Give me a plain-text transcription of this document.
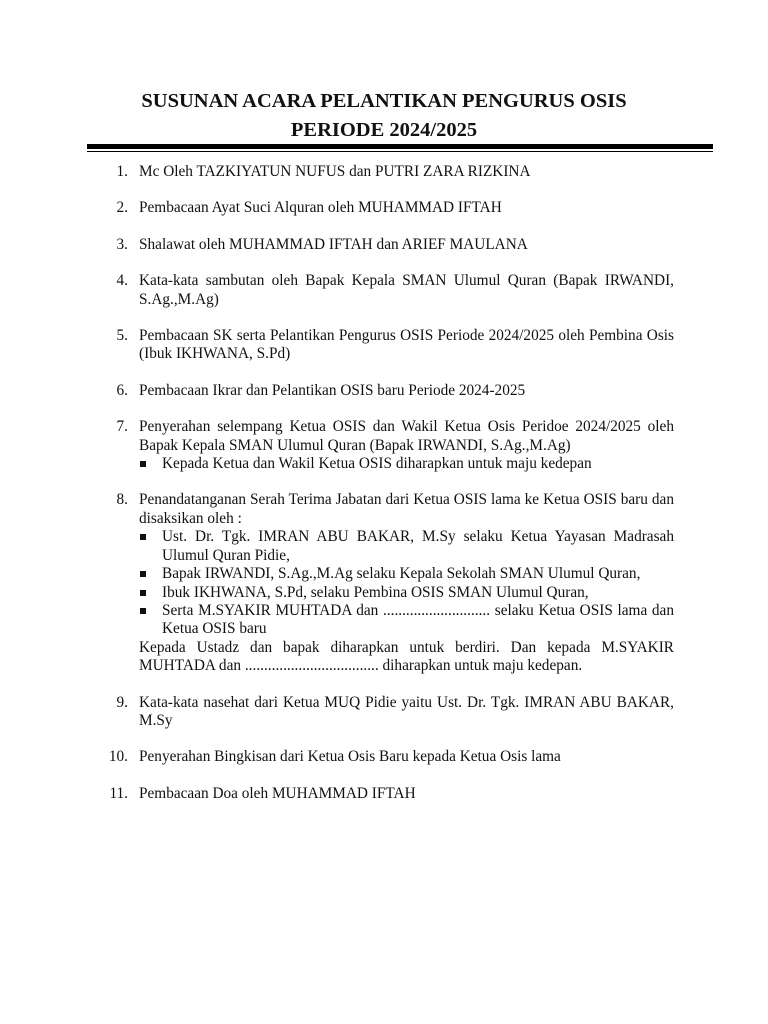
SUSUNAN ACARA PELANTIKAN PENGURUS OSIS
PERIODE 2024/2025
1. Mc Oleh TAZKIYATUN NUFUS dan PUTRI ZARA RIZKINA
2. Pembacaan Ayat Suci Alquran oleh MUHAMMAD IFTAH
3. Shalawat oleh MUHAMMAD IFTAH dan ARIEF MAULANA
4. Kata-kata sambutan oleh Bapak Kepala SMAN Ulumul Quran (Bapak IRWANDI, S.Ag.,M.Ag)
5. Pembacaan SK serta Pelantikan Pengurus OSIS Periode 2024/2025 oleh Pembina Osis (Ibuk IKHWANA, S.Pd)
6. Pembacaan Ikrar dan Pelantikan OSIS baru Periode 2024-2025
7. Penyerahan selempang Ketua OSIS dan Wakil Ketua Osis Peridoe 2024/2025 oleh Bapak Kepala SMAN Ulumul Quran (Bapak IRWANDI, S.Ag.,M.Ag)
Kepada Ketua dan Wakil Ketua OSIS diharapkan untuk maju kedepan
8. Penandatanganan Serah Terima Jabatan dari Ketua OSIS lama ke Ketua OSIS baru dan disaksikan oleh :
Ust. Dr. Tgk. IMRAN ABU BAKAR, M.Sy selaku Ketua Yayasan Madrasah Ulumul Quran Pidie,
Bapak IRWANDI, S.Ag.,M.Ag selaku Kepala Sekolah SMAN Ulumul Quran,
Ibuk IKHWANA, S.Pd, selaku Pembina OSIS SMAN Ulumul Quran,
Serta M.SYAKIR MUHTADA dan ............................ selaku Ketua OSIS lama dan Ketua OSIS baru
Kepada Ustadz dan bapak diharapkan untuk berdiri. Dan kepada M.SYAKIR MUHTADA dan ................................... diharapkan untuk maju kedepan.
9. Kata-kata nasehat dari Ketua MUQ Pidie yaitu Ust. Dr. Tgk. IMRAN ABU BAKAR, M.Sy
10. Penyerahan Bingkisan dari Ketua Osis Baru kepada Ketua Osis lama
11. Pembacaan Doa oleh MUHAMMAD IFTAH
